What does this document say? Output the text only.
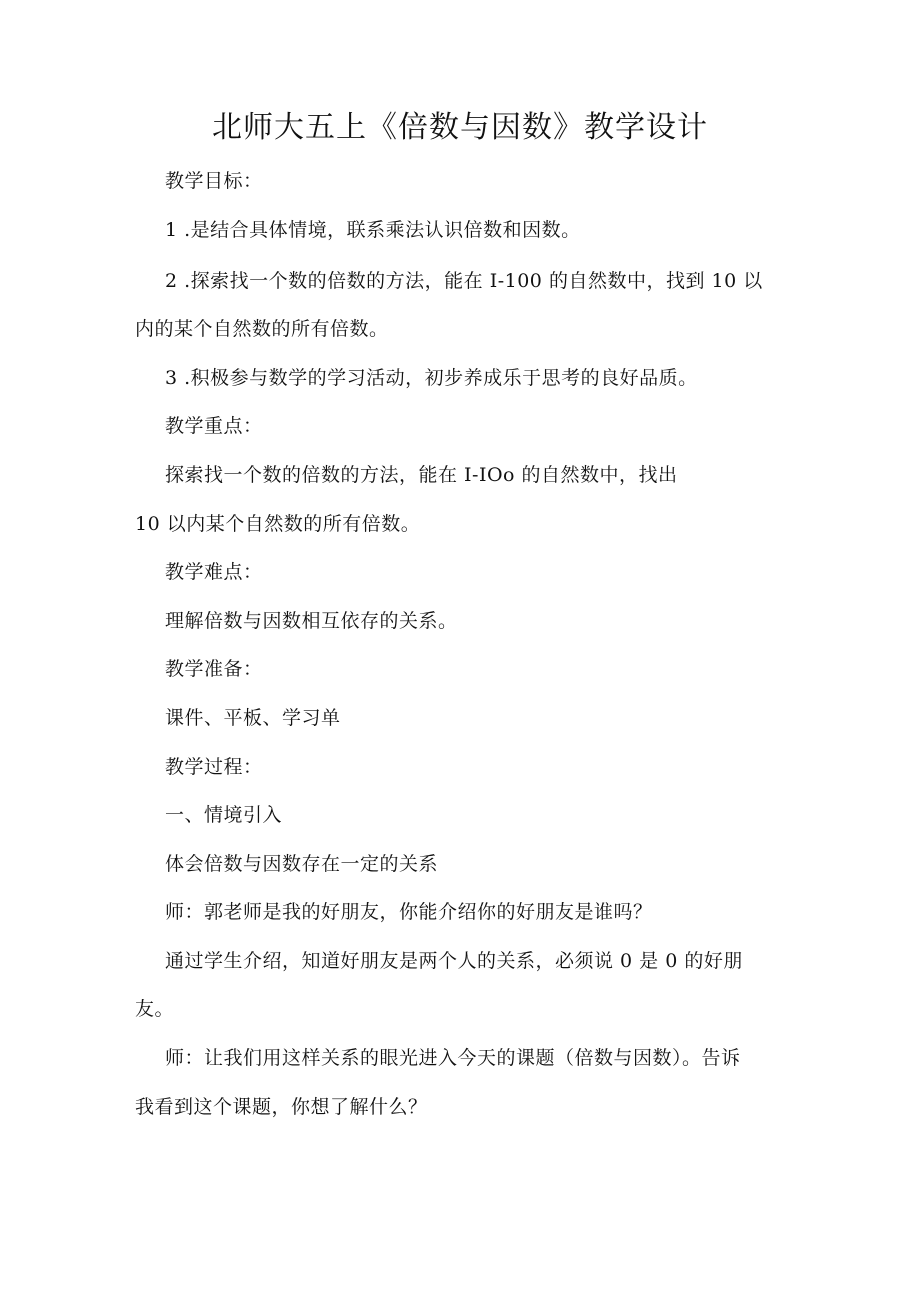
北师大五上《倍数与因数》教学设计
教学目标：
1 .是结合具体情境，联系乘法认识倍数和因数。
2 .探索找一个数的倍数的方法，能在 I-100 的自然数中，找到 10 以
内的某个自然数的所有倍数。
3 .积极参与数学的学习活动，初步养成乐于思考的良好品质。
教学重点：
探索找一个数的倍数的方法，能在 I-IOo 的自然数中，找出
10 以内某个自然数的所有倍数。
教学难点：
理解倍数与因数相互依存的关系。
教学准备：
课件、平板、学习单
教学过程：
一、情境引入
体会倍数与因数存在一定的关系
师：郭老师是我的好朋友，你能介绍你的好朋友是谁吗？
通过学生介绍，知道好朋友是两个人的关系，必须说 0 是 0 的好朋
友。
师：让我们用这样关系的眼光进入今天的课题（倍数与因数）。告诉
我看到这个课题，你想了解什么？
